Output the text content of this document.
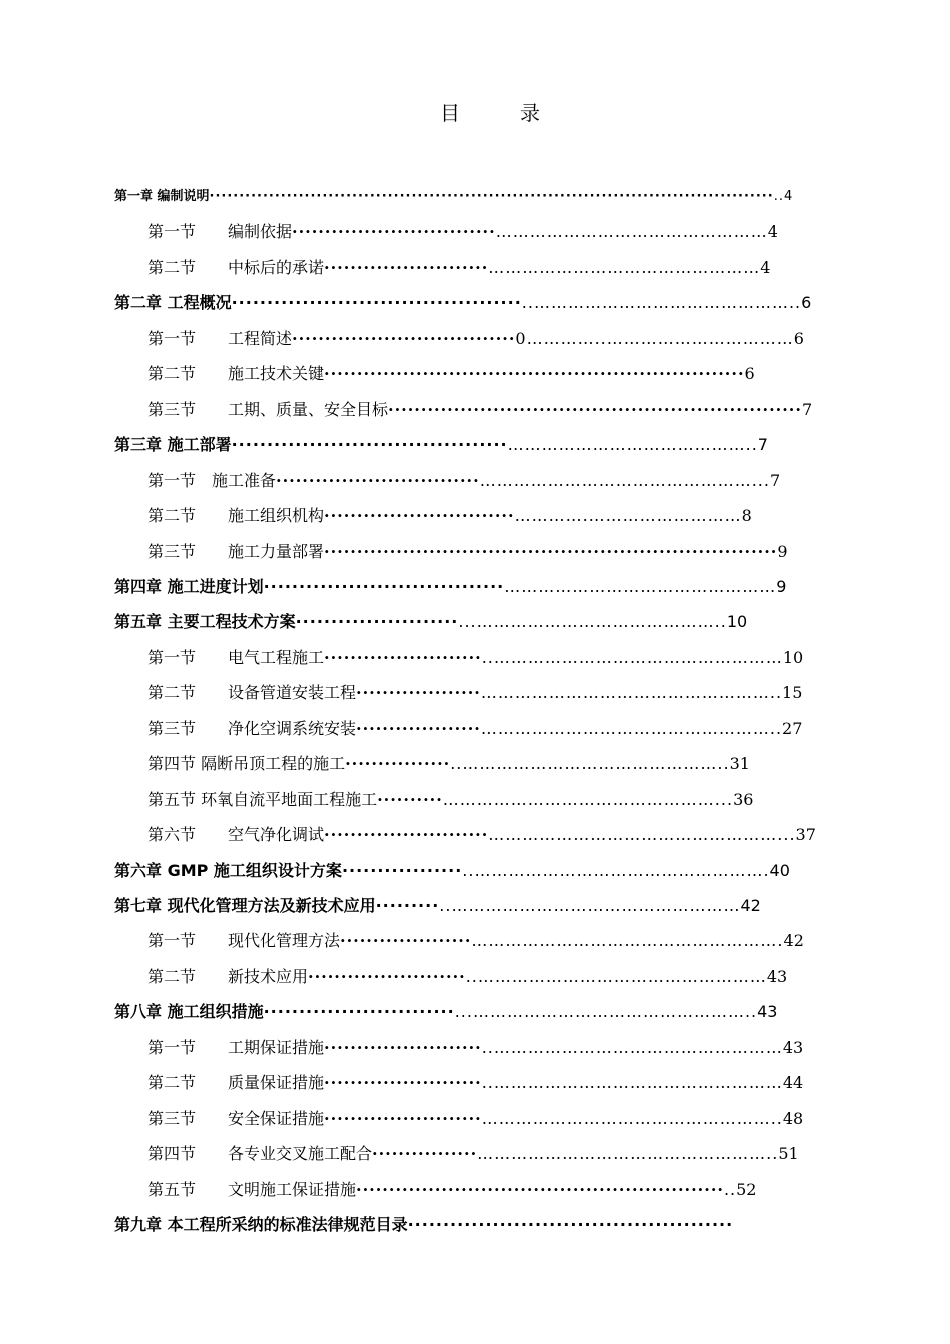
目　录
第一章 编制说明·······························································································..4
第一节　　编制依据·······························…………………………………………4
第二节　　中标后的承诺·························…………………………………………4
第二章 工程概况·········································..………………………………………..6
第一节　　工程简述··································0…………..……………………………6
第二节　　施工技术关键································································6
第三节　　工期、质量、安全目标·······························································7
第三章 施工部署·······································……………………………………..7
第一节　施工准备·······························…………………………………………...7
第二节　　施工组织机构·····························………….………………………8
第三节　　施工力量部署·····································································9
第四章 施工进度计划··································…………………………………………9
第五章 主要工程技术方案·······················...……………………………………..10
第一节　　电气工程施工························..……………………………………………10
第二节　　设备管道安装工程···················……………………………………………..15
第三节　　净化空调系统安装···················……………………………………………..27
第四节 隔断吊顶工程的施工················..………………………………………..31
第五节 环氧自流平地面工程施工··········…………………………………………...36
第六节　　空气净化调试·························……………………………………………...37
第六章 GMP 施工组织设计方案·················..…………………………………………….40
第七章 现代化管理方法及新技术应用·········..……………………………………………42
第一节　　现代化管理方法····················……………………………………………….42
第二节　　新技术应用························..……………………………………………43
第八章 施工组织措施···························...…………………………………………..43
第一节　　工期保证措施························..……………………………………………43
第二节　　质量保证措施························..……………………………………………44
第三节　　安全保证措施························……………………………………………..48
第四节　　各专业交叉施工配合················……………………………………………..51
第五节　　文明施工保证措施························································..52
第九章 本工程所采纳的标准法律规范目录··············································
